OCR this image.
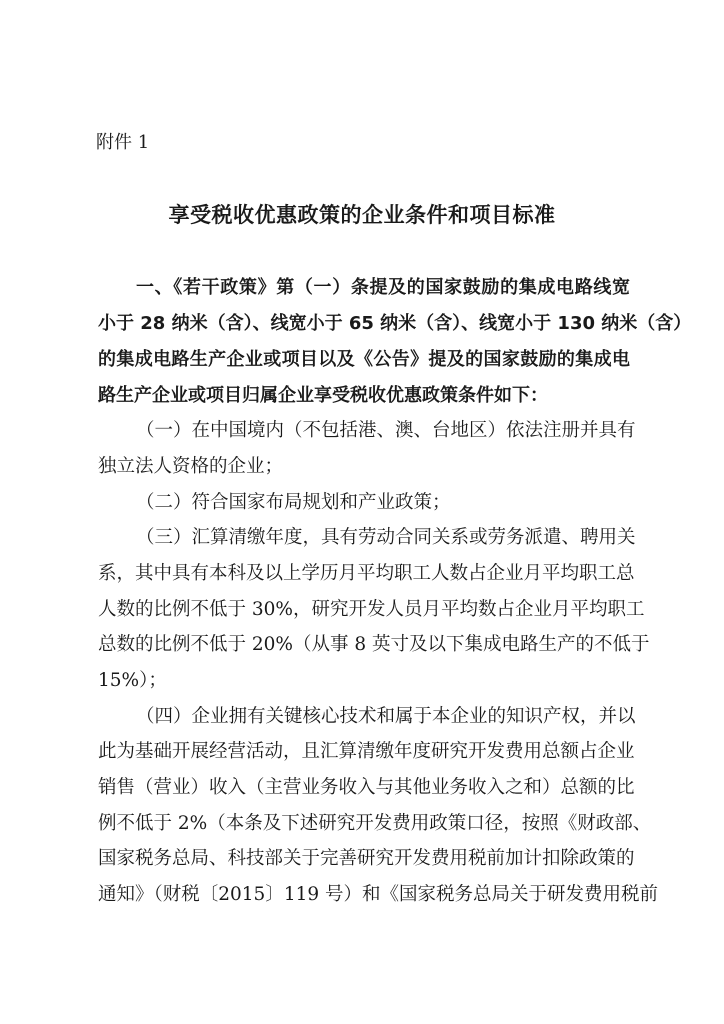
附件 1
享受税收优惠政策的企业条件和项目标准
一、《若干政策》第（一）条提及的国家鼓励的集成电路线宽
小于 28 纳米（含）、线宽小于 65 纳米（含）、线宽小于 130 纳米（含）
的集成电路生产企业或项目以及《公告》提及的国家鼓励的集成电
路生产企业或项目归属企业享受税收优惠政策条件如下：
（一）在中国境内（不包括港、澳、台地区）依法注册并具有
独立法人资格的企业；
（二）符合国家布局规划和产业政策；
（三）汇算清缴年度，具有劳动合同关系或劳务派遣、聘用关
系，其中具有本科及以上学历月平均职工人数占企业月平均职工总
人数的比例不低于 30%，研究开发人员月平均数占企业月平均职工
总数的比例不低于 20%（从事 8 英寸及以下集成电路生产的不低于
15%）；
（四）企业拥有关键核心技术和属于本企业的知识产权，并以
此为基础开展经营活动，且汇算清缴年度研究开发费用总额占企业
销售（营业）收入（主营业务收入与其他业务收入之和）总额的比
例不低于 2%（本条及下述研究开发费用政策口径，按照《财政部、
国家税务总局、科技部关于完善研究开发费用税前加计扣除政策的
通知》（财税〔2015〕119 号）和《国家税务总局关于研发费用税前
